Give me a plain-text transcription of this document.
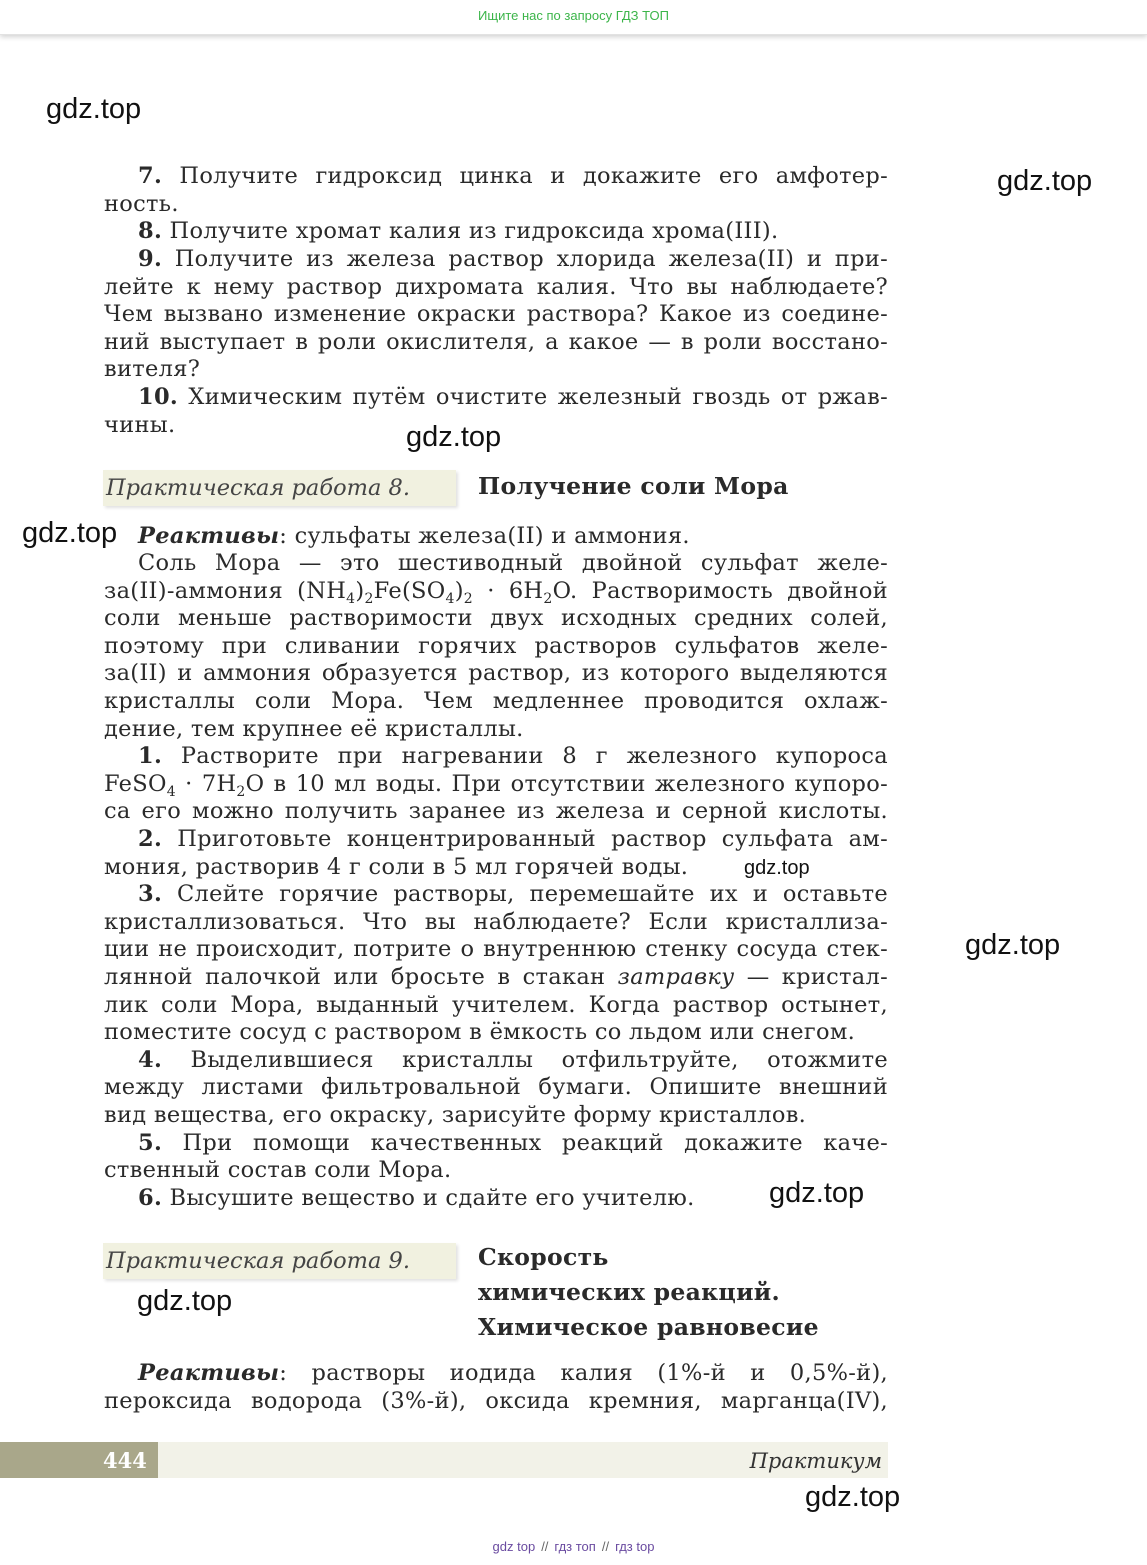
Ищите нас по запросу ГДЗ ТОП
gdz.top
gdz.top
gdz.top
gdz.top
gdz.top
gdz.top
gdz.top
gdz.top
gdz.top
7. Получите гидроксид цинка и докажите его амфотер-
ность.
8. Получите хромат калия из гидроксида хрома(III).
9. Получите из железа раствор хлорида железа(II) и при-
лейте к нему раствор дихромата калия. Что вы наблюдаете?
Чем вызвано изменение окраски раствора? Какое из соедине-
ний выступает в роли окислителя, а какое — в роли восстано-
вителя?
10. Химическим путём очистите железный гвоздь от ржав-
чины.
Практическая работа 8.	Получение соли Мора
Реактивы: сульфаты железа(II) и аммония.
Соль Мора — это шестиводный двойной сульфат желе-
за(II)-аммония $(NH_4)_2Fe(SO_4)_2 \cdot 6H_2O$. Растворимость двойной
соли меньше растворимости двух исходных средних солей,
поэтому при сливании горячих растворов сульфатов желе-
за(II) и аммония образуется раствор, из которого выделяются
кристаллы соли Мора. Чем медленнее проводится охлаж-
дение, тем крупнее её кристаллы.
1. Растворите при нагревании 8 г железного купороса
FeSO$_4$ · $7H_2O$ в 10 мл воды. При отсутствии железного купоро-
са его можно получить заранее из железа и серной кислоты.
2. Приготовьте концентрированный раствор сульфата ам-
мония, растворив 4 г соли в 5 мл горячей воды.
3. Слейте горячие растворы, перемешайте их и оставьте
кристаллизоваться. Что вы наблюдаете? Если кристаллиза-
ции не происходит, потрите о внутреннюю стенку сосуда стек-
лянной палочкой или бросьте в стакан затравку — кристал-
лик соли Мора, выданный учителем. Когда раствор остынет,
поместите сосуд с раствором в ёмкость со льдом или снегом.
4. Выделившиеся кристаллы отфильтруйте, отожмите
между листами фильтровальной бумаги. Опишите внешний
вид вещества, его окраску, зарисуйте форму кристаллов.
5. При помощи качественных реакций докажите каче-
ственный состав соли Мора.
6. Высушите вещество и сдайте его учителю.
Практическая работа 9.	Скорость
химических реакций.
Химическое равновесие
Реактивы: растворы иодида калия (1%-й и 0,5%-й),
пероксида водорода (3%-й), оксида кремния, марганца(IV),
444	Практикум
gdz top // гдз топ // гдз top
